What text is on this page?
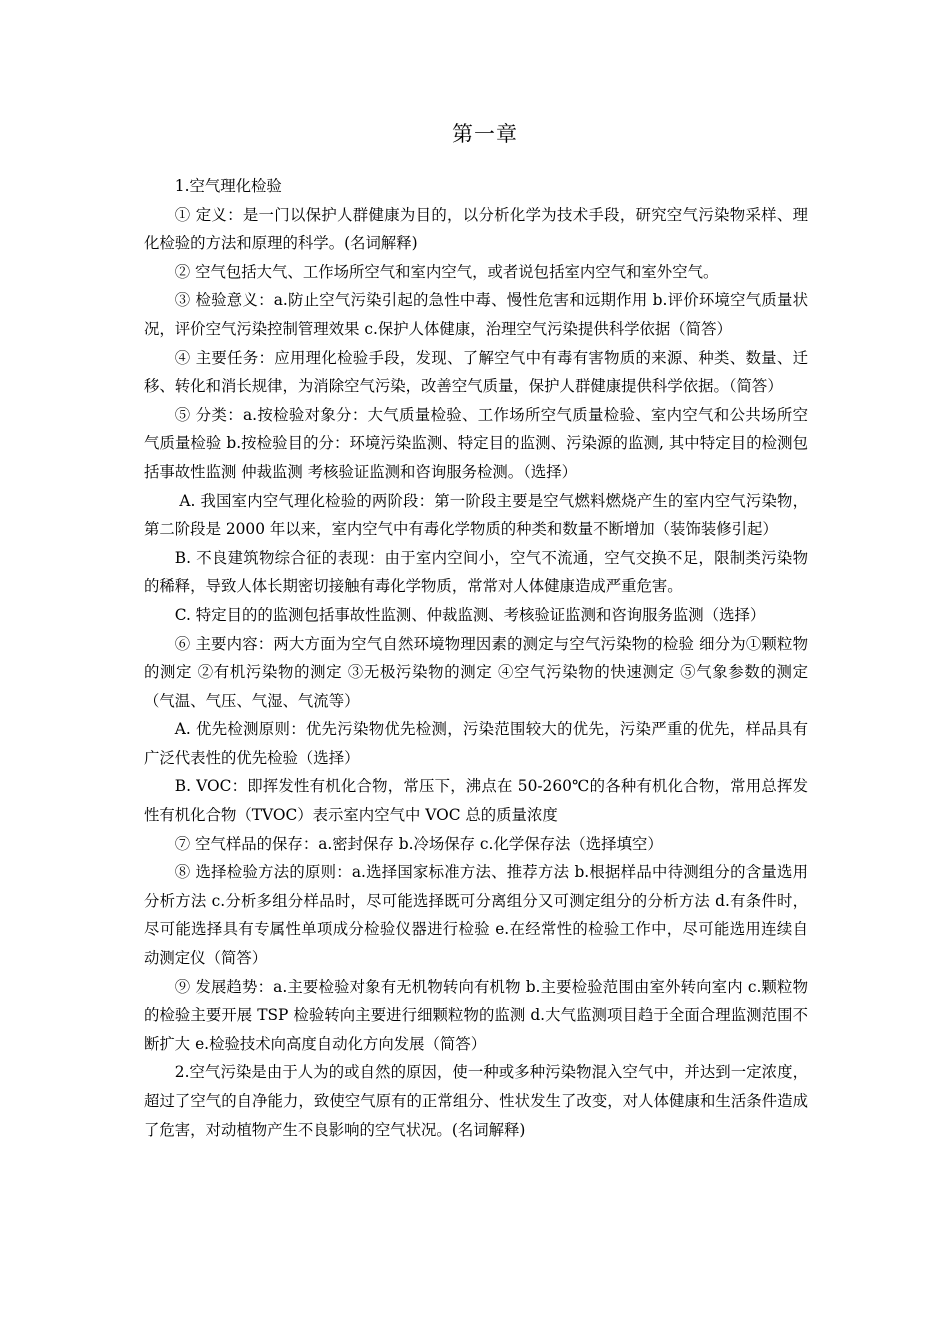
第一章

1.空气理化检验

① 定义：是一门以保护人群健康为目的，以分析化学为技术手段，研究空气污染物采样、理化检验的方法和原理的科学。(名词解释)

② 空气包括大气、工作场所空气和室内空气，或者说包括室内空气和室外空气。

③ 检验意义：a.防止空气污染引起的急性中毒、慢性危害和远期作用 b.评价环境空气质量状况，评价空气污染控制管理效果 c.保护人体健康，治理空气污染提供科学依据（简答）

④ 主要任务：应用理化检验手段，发现、了解空气中有毒有害物质的来源、种类、数量、迁移、转化和消长规律，为消除空气污染，改善空气质量，保护人群健康提供科学依据。（简答）

⑤ 分类：a.按检验对象分：大气质量检验、工作场所空气质量检验、室内空气和公共场所空气质量检验 b.按检验目的分：环境污染监测、特定目的监测、污染源的监测, 其中特定目的检测包括事故性监测 仲裁监测 考核验证监测和咨询服务检测。（选择）

A. 我国室内空气理化检验的两阶段：第一阶段主要是空气燃料燃烧产生的室内空气污染物，第二阶段是 2000 年以来，室内空气中有毒化学物质的种类和数量不断增加（装饰装修引起）

B. 不良建筑物综合征的表现：由于室内空间小，空气不流通，空气交换不足，限制类污染物的稀释，导致人体长期密切接触有毒化学物质，常常对人体健康造成严重危害。

C. 特定目的的监测包括事故性监测、仲裁监测、考核验证监测和咨询服务监测（选择）

⑥ 主要内容：两大方面为空气自然环境物理因素的测定与空气污染物的检验 细分为①颗粒物的测定 ②有机污染物的测定 ③无极污染物的测定 ④空气污染物的快速测定 ⑤气象参数的测定（气温、气压、气湿、气流等）

A. 优先检测原则：优先污染物优先检测，污染范围较大的优先，污染严重的优先，样品具有广泛代表性的优先检验（选择）

B. VOC：即挥发性有机化合物，常压下，沸点在 50-260℃的各种有机化合物，常用总挥发性有机化合物（TVOC）表示室内空气中 VOC 总的质量浓度

⑦ 空气样品的保存：a.密封保存 b.冷场保存 c.化学保存法（选择填空）

⑧ 选择检验方法的原则：a.选择国家标准方法、推荐方法 b.根据样品中待测组分的含量选用分析方法 c.分析多组分样品时，尽可能选择既可分离组分又可测定组分的分析方法 d.有条件时，尽可能选择具有专属性单项成分检验仪器进行检验 e.在经常性的检验工作中，尽可能选用连续自动测定仪（简答）

⑨ 发展趋势：a.主要检验对象有无机物转向有机物 b.主要检验范围由室外转向室内 c.颗粒物的检验主要开展 TSP 检验转向主要进行细颗粒物的监测 d.大气监测项目趋于全面合理监测范围不断扩大 e.检验技术向高度自动化方向发展（简答）

2.空气污染是由于人为的或自然的原因，使一种或多种污染物混入空气中，并达到一定浓度，超过了空气的自净能力，致使空气原有的正常组分、性状发生了改变，对人体健康和生活条件造成了危害，对动植物产生不良影响的空气状况。(名词解释)
